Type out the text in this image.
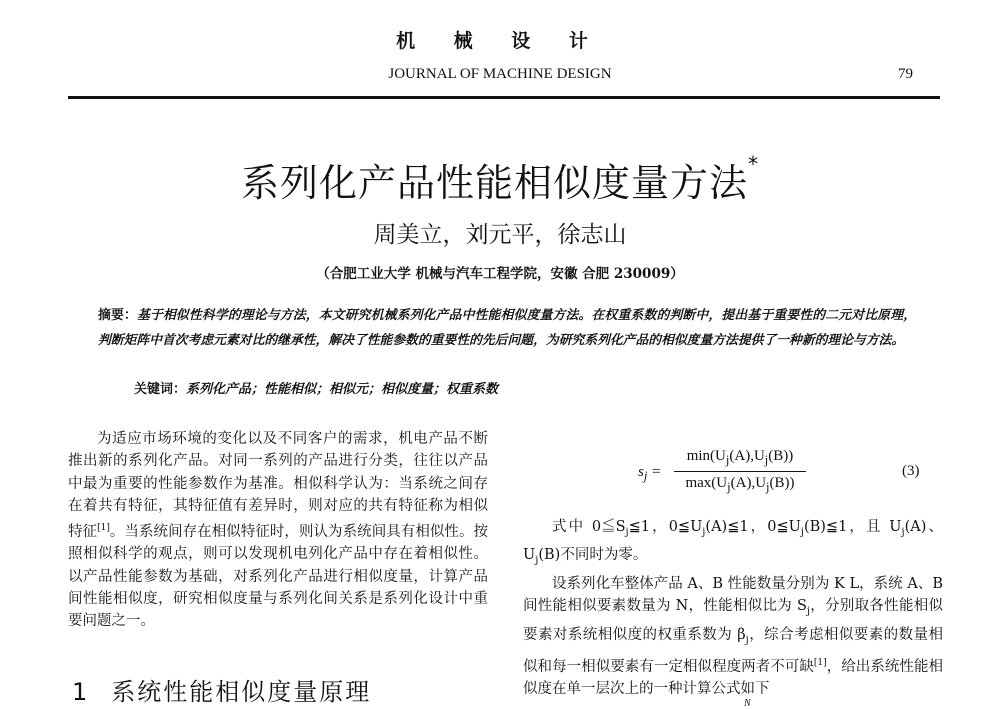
机 械 设 计
JOURNAL OF MACHINE DESIGN	79
系列化产品性能相似度量方法*
周美立，刘元平，徐志山
（合肥工业大学 机械与汽车工程学院，安徽 合肥 230009）
摘要：基于相似性科学的理论与方法，本文研究机械系列化产品中性能相似度量方法。在权重系数的判断中，提出基于重要性的二元对比原理，判断矩阵中首次考虑元素对比的继承性，解决了性能参数的重要性的先后问题，为研究系列化产品的相似度量方法提供了一种新的理论与方法。
关键词：系列化产品；性能相似；相似元；相似度量；权重系数
为适应市场环境的变化以及不同客户的需求，机电产品不断推出新的系列化产品。对同一系列的产品进行分类，往往以产品中最为重要的性能参数作为基准。相似科学认为：当系统之间存在着共有特征，其特征值有差异时，则对应的共有特征称为相似特征[1]。当系统间存在相似特征时，则认为系统间具有相似性。按照相似科学的观点，则可以发现机电列化产品中存在着相似性。以产品性能参数为基础，对系列化产品进行相似度量，计算产品间性能相似度，研究相似度量与系列化间关系是系列化设计中重要问题之一。
1 系统性能相似度量原理
$s_j$ =
$\min(U_j(A),U_j(B))$
$\max(U_j(A),U_j(B))$
(3)

式中 $0≦S_j≦1$，$0≦U_j(A)≦1$，$0≦U_j(B)≦1$，且 $U_j(A)$、$U_j(B)$不同时为零。

设系列化车整体产品 A、B 性能数量分别为 K L，系统 A、B 间性能相似要素数量为 N，性能相似比为 $S_j$，分别取各性能相似要素对系统相似度的权重系数为 $\beta_j$，综合考虑相似要素的数量相似和每一相似要素有一定相似程度两者不可缺[1]，给出系统性能相似度在单一层次上的一种计算公式如下

N
